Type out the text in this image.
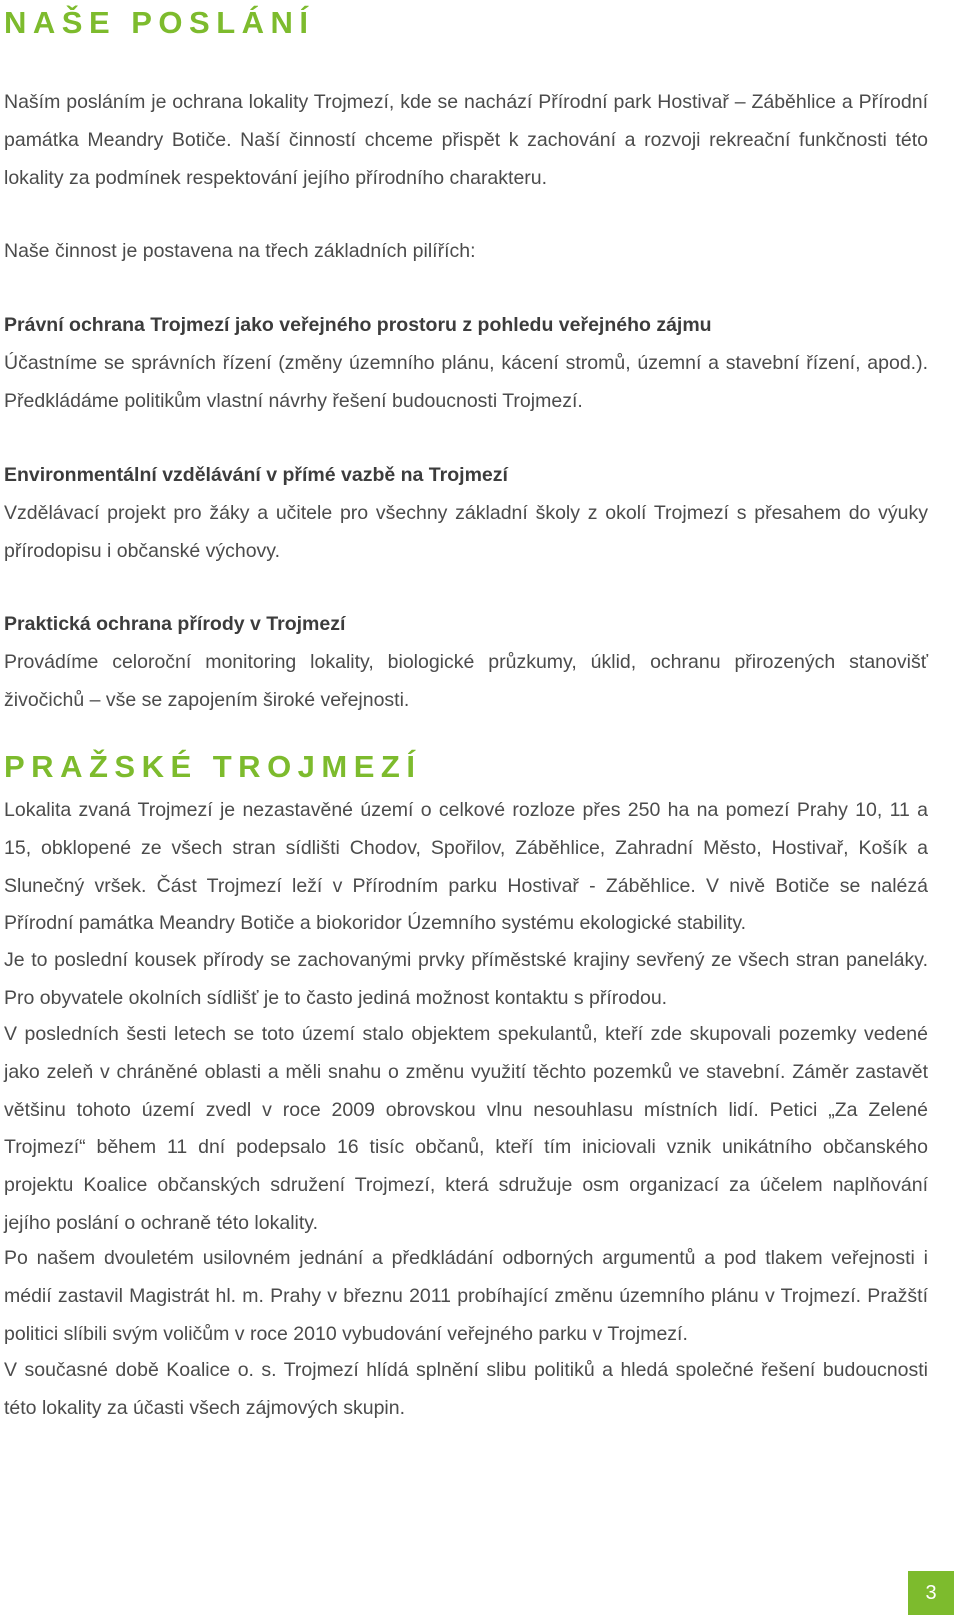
NAŠE POSLÁNÍ

Naším posláním je ochrana lokality Trojmezí, kde se nachází Přírodní park Hostivař – Záběhlice a Přírodní památka Meandry Botiče. Naší činností chceme přispět k zachování a rozvoji rekreační funkčnosti této lokality za podmínek respektování jejího přírodního charakteru.

Naše činnost je postavena na třech základních pilířích:

Právní ochrana Trojmezí jako veřejného prostoru z pohledu veřejného zájmu

Účastníme se správních řízení (změny územního plánu, kácení stromů, územní a stavební řízení, apod.). Předkládáme politikům vlastní návrhy řešení budoucnosti Trojmezí.

Environmentální vzdělávání v přímé vazbě na Trojmezí

Vzdělávací projekt pro žáky a učitele pro všechny základní školy z okolí Trojmezí s přesahem do výuky přírodopisu i občanské výchovy.

Praktická ochrana přírody v Trojmezí

Provádíme celoroční monitoring lokality, biologické průzkumy, úklid, ochranu přirozených stanovišť živočichů – vše se zapojením široké veřejnosti.

PRAŽSKÉ TROJMEZÍ

Lokalita zvaná Trojmezí je nezastavěné území o celkové rozloze přes 250 ha na pomezí Prahy 10, 11 a 15, obklopené ze všech stran sídlišti Chodov, Spořilov, Záběhlice, Zahradní Město, Hostivař, Košík a Slunečný vršek. Část Trojmezí leží v Přírodním parku Hostivař - Záběhlice. V nivě Botiče se nalézá Přírodní památka Meandry Botiče a biokoridor Územního systému ekologické stability.

Je to poslední kousek přírody se zachovanými prvky příměstské krajiny sevřený ze všech stran paneláky. Pro obyvatele okolních sídlišť je to často jediná možnost kontaktu s přírodou.

V posledních šesti letech se toto území stalo objektem spekulantů, kteří zde skupovali pozemky vedené jako zeleň v chráněné oblasti a měli snahu o změnu využití těchto pozemků ve stavební. Záměr zastavět většinu tohoto území zvedl v roce 2009 obrovskou vlnu nesouhlasu místních lidí. Petici „Za Zelené Trojmezí“ během 11 dní podepsalo 16 tisíc občanů, kteří tím iniciovali vznik unikátního občanského projektu Koalice občanských sdružení Trojmezí, která sdružuje osm organizací za účelem naplňování jejího poslání o ochraně této lokality.

Po našem dvouletém usilovném jednání a předkládání odborných argumentů a pod tlakem veřejnosti i médií zastavil Magistrát hl. m. Prahy v březnu 2011 probíhající změnu územního plánu v Trojmezí. Pražští politici slíbili svým voličům v roce 2010 vybudování veřejného parku v Trojmezí.

V současné době Koalice o. s. Trojmezí hlídá splnění slibu politiků a hledá společné řešení budoucnosti této lokality za účasti všech zájmových skupin.

3
